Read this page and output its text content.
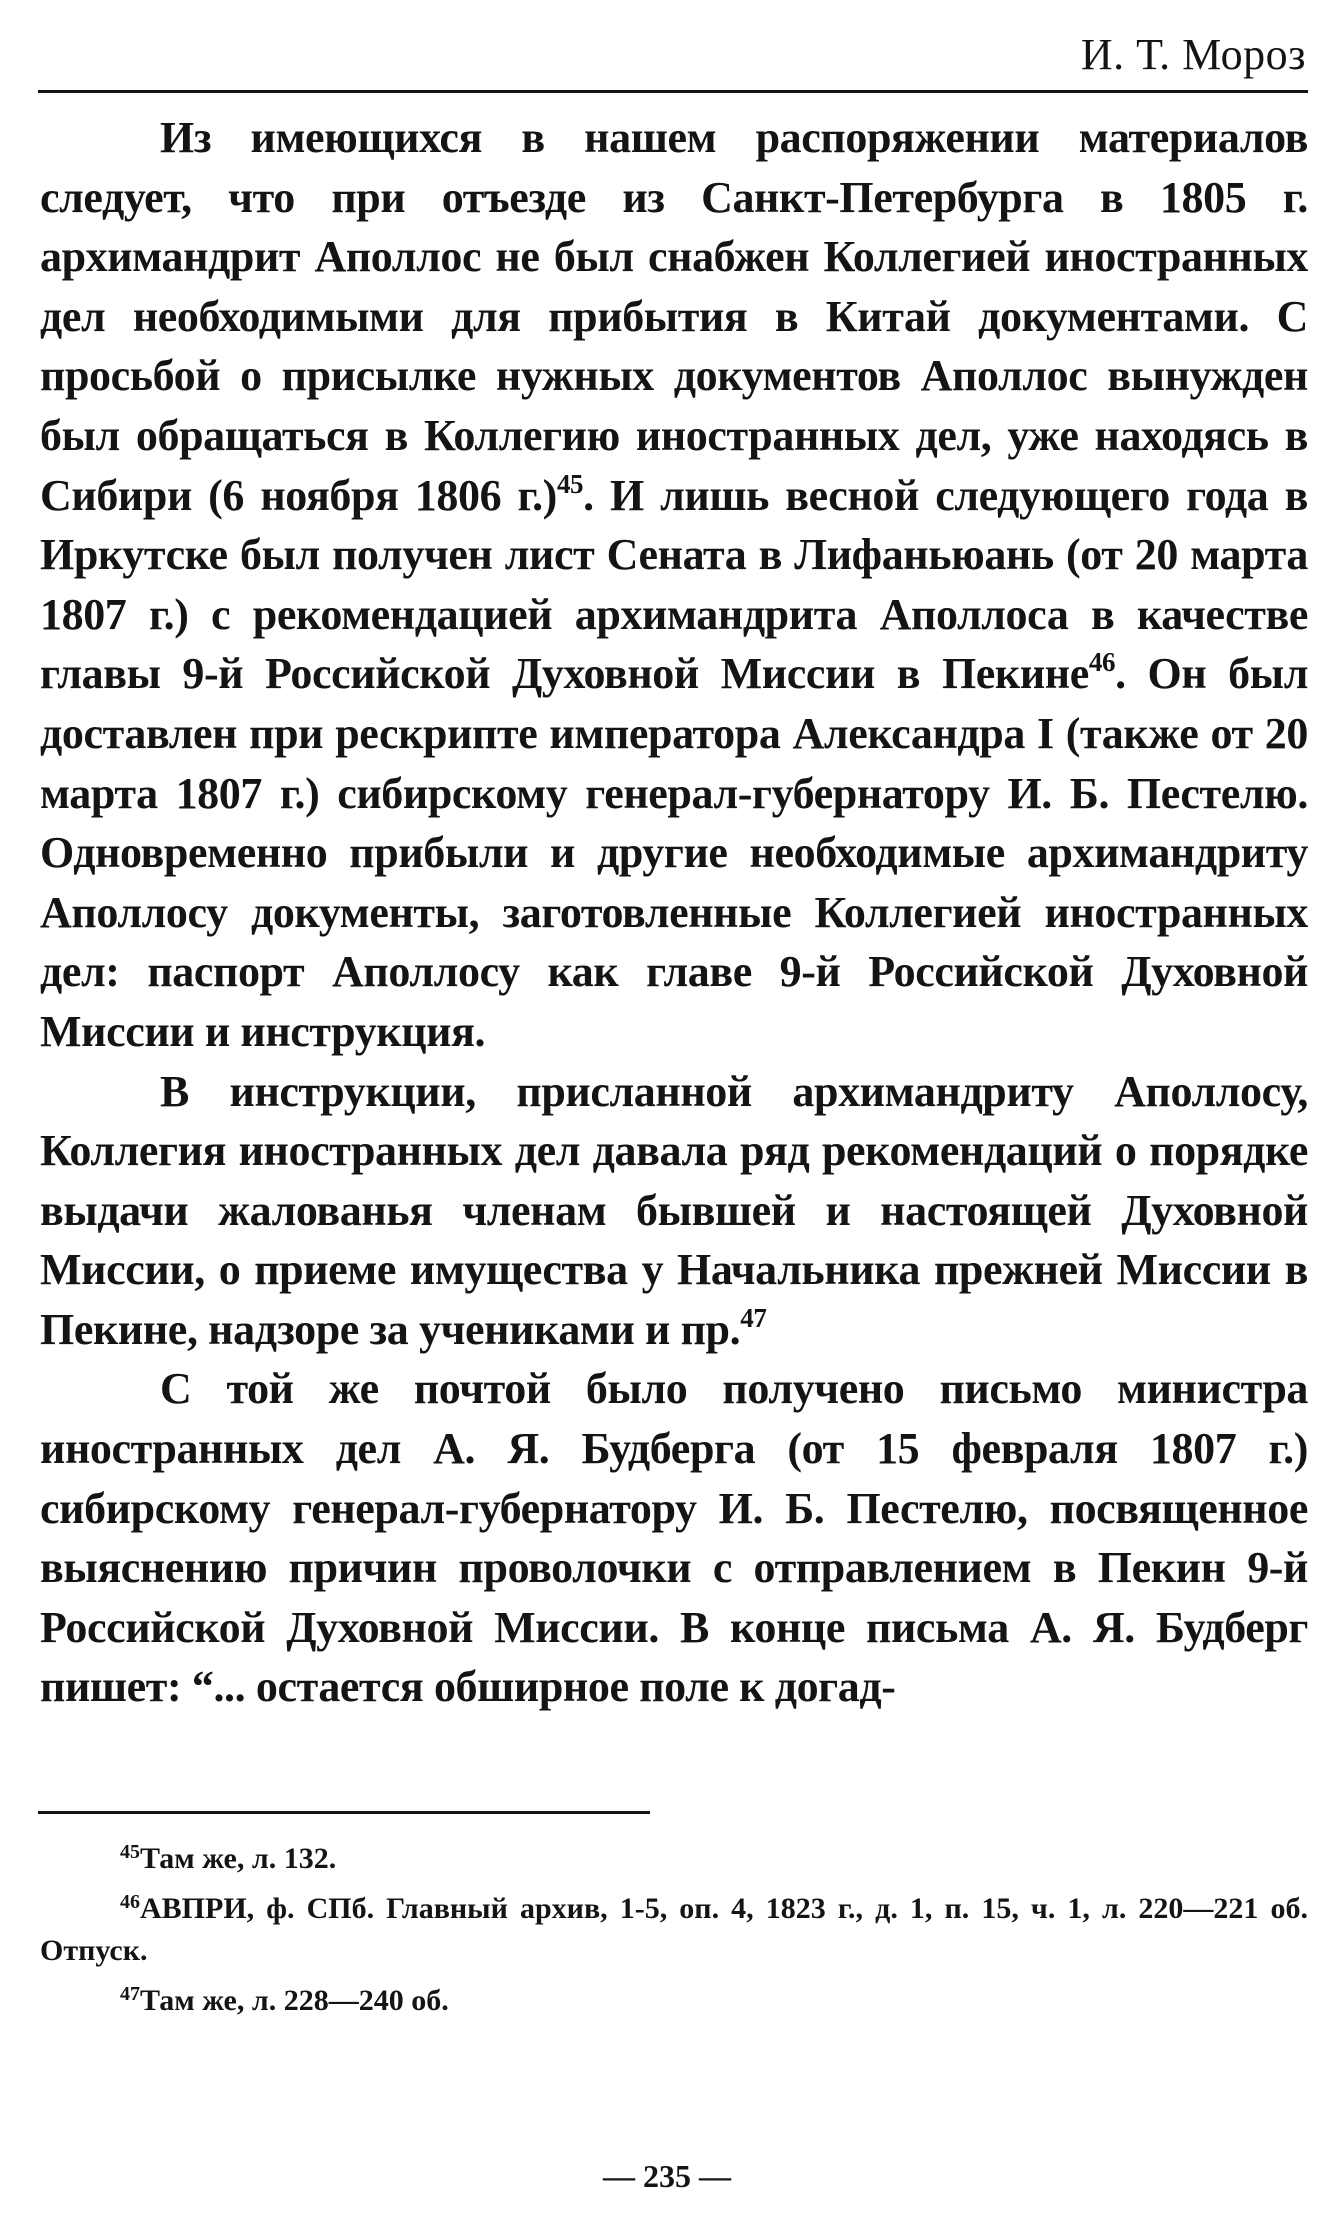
И. Т. Мороз

Из имеющихся в нашем распоряжении материалов следует, что при отъезде из Санкт-Петербурга в 1805 г. архимандрит Аполлос не был снабжен Коллегией иностранных дел необходимыми для прибытия в Китай документами. С просьбой о присылке нужных документов Аполлос вынужден был обращаться в Коллегию иностранных дел, уже находясь в Сибири (6 ноября 1806 г.)$^{45}$. И лишь весной следующего года в Иркутске был получен лист Сената в Лифаньюань (от 20 марта 1807 г.) с рекомендацией архимандрита Аполлоса в качестве главы 9-й Российской Духовной Миссии в Пекине$^{46}$. Он был доставлен при рескрипте императора Александра I (также от 20 марта 1807 г.) сибирскому генерал-губернатору И. Б. Пестелю. Одновременно прибыли и другие необходимые архимандриту Аполлосу документы, заготовленные Коллегией иностранных дел: паспорт Аполлосу как главе 9-й Российской Духовной Миссии и инструкция.

В инструкции, присланной архимандриту Аполлосу, Коллегия иностранных дел давала ряд рекомендаций о порядке выдачи жалованья членам бывшей и настоящей Духовной Миссии, о приеме имущества у Начальника прежней Миссии в Пекине, надзоре за учениками и пр.$^{47}$

С той же почтой было получено письмо министра иностранных дел А. Я. Будберга (от 15 февраля 1807 г.) сибирскому генерал-губернатору И. Б. Пестелю, посвященное выяснению причин проволочки с отправлением в Пекин 9-й Российской Духовной Миссии. В конце письма А. Я. Будберг пишет: “... остается обширное поле к догад-

$^{45}$Там же, л. 132.

$^{46}$АВПРИ, ф. СПб. Главный архив, 1-5, оп. 4, 1823 г., д. 1, п. 15, ч. 1, л. 220—221 об. Отпуск.

$^{47}$Там же, л. 228—240 об.

— 235 —
